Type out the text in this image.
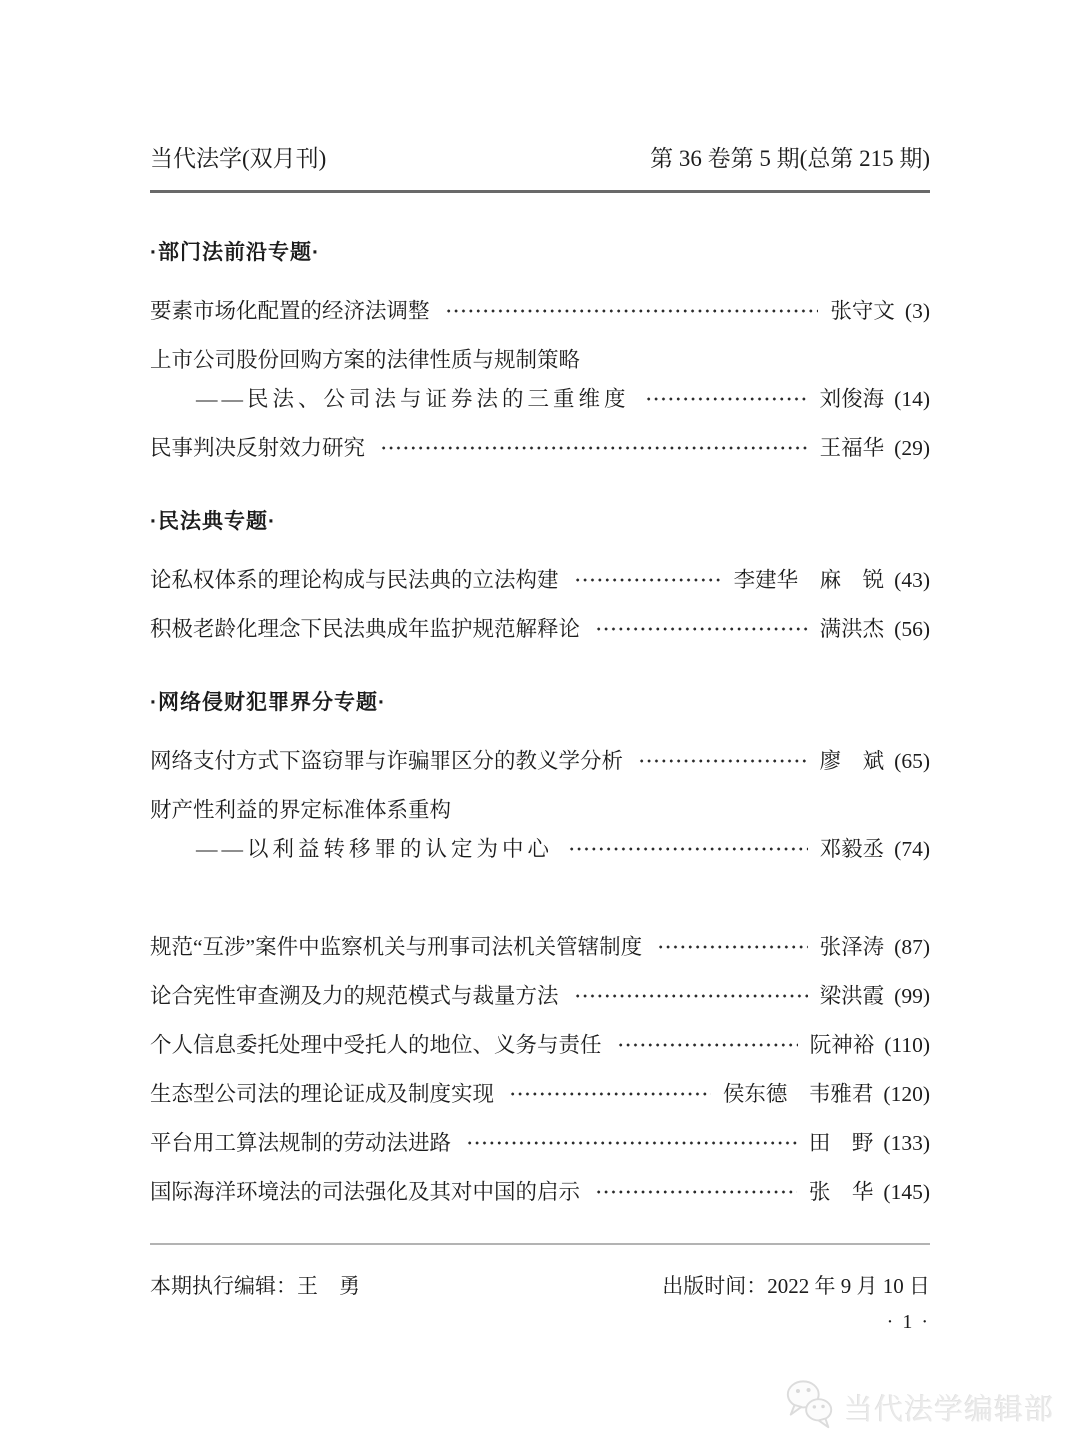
当代法学(双月刊)	第 36 卷第 5 期(总第 215 期)
·部门法前沿专题·
要素市场化配置的经济法调整	张守文 (3)
上市公司股份回购方案的法律性质与规制策略
——民法、公司法与证券法的三重维度	刘俊海 (14)
民事判决反射效力研究	王福华 (29)
·民法典专题·
论私权体系的理论构成与民法典的立法构建	李建华　麻　锐 (43)
积极老龄化理念下民法典成年监护规范解释论	满洪杰 (56)
·网络侵财犯罪界分专题·
网络支付方式下盗窃罪与诈骗罪区分的教义学分析	廖　斌 (65)
财产性利益的界定标准体系重构
——以利益转移罪的认定为中心	邓毅丞 (74)
规范“互涉”案件中监察机关与刑事司法机关管辖制度	张泽涛 (87)
论合宪性审查溯及力的规范模式与裁量方法	梁洪霞 (99)
个人信息委托处理中受托人的地位、义务与责任	阮神裕 (110)
生态型公司法的理论证成及制度实现	侯东德　韦雅君 (120)
平台用工算法规制的劳动法进路	田　野 (133)
国际海洋环境法的司法强化及其对中国的启示	张　华 (145)
本期执行编辑：王　勇	出版时间：2022 年 9 月 10 日
· 1 ·
当代法学编辑部
